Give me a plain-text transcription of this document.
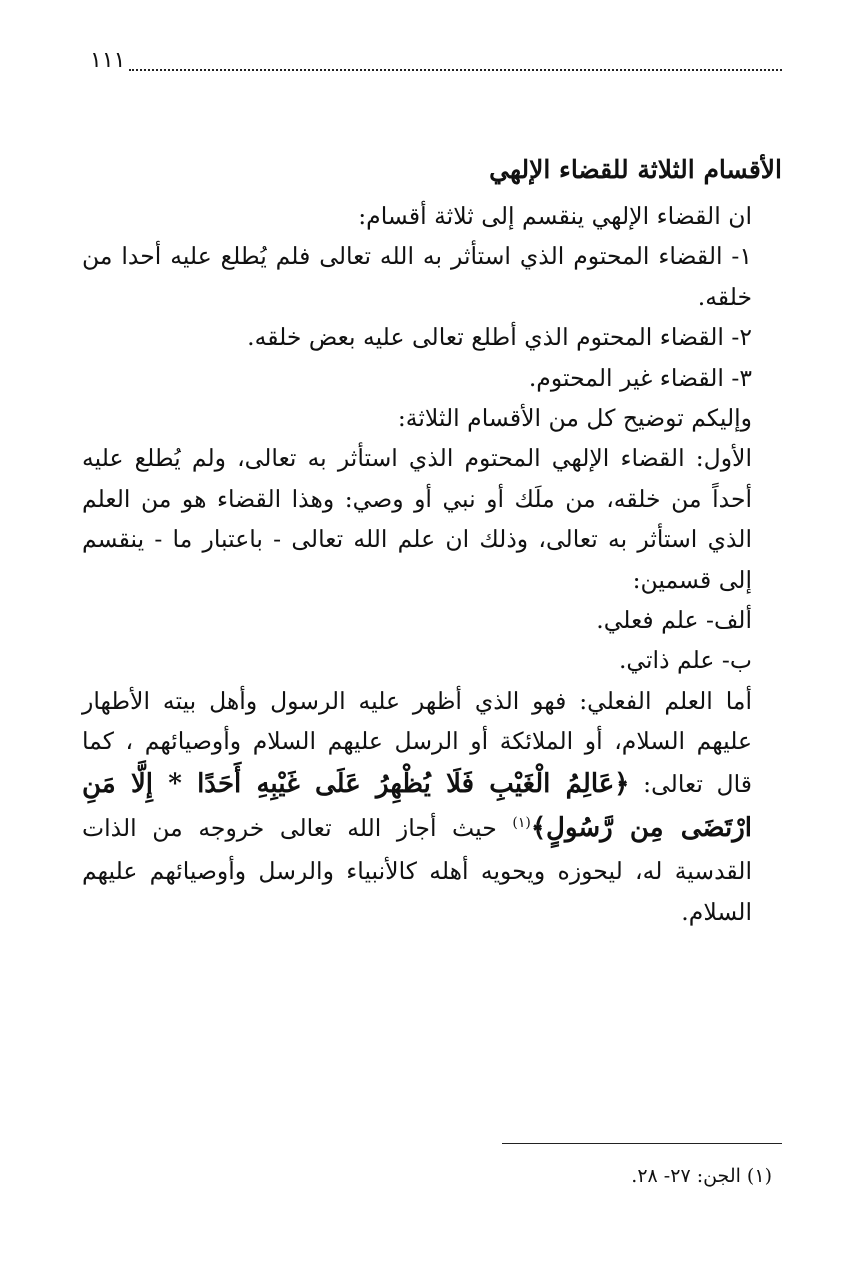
١١١
الأقسام الثلاثة للقضاء الإلهي

ان القضاء الإلهي ينقسم إلى ثلاثة أقسام:

١- القضاء المحتوم الذي استأثر به الله تعالى فلم يُطلع عليه أحدا من خلقه.

٢- القضاء المحتوم الذي أطلع تعالى عليه بعض خلقه.

٣- القضاء غير المحتوم.

وإليكم توضيح كل من الأقسام الثلاثة:

الأول: القضاء الإلهي المحتوم الذي استأثر به تعالى، ولم يُطلع عليه أحداً من خلقه، من ملَك أو نبي أو وصي: وهذا القضاء هو من العلم الذي استأثر به تعالى، وذلك ان علم الله تعالى - باعتبار ما - ينقسم إلى قسمين:

ألف- علم فعلي.

ب- علم ذاتي.

أما العلم الفعلي: فهو الذي أظهر عليه الرسول وأهل بيته الأطهار عليهم السلام، أو الملائكة أو الرسل عليهم السلام وأوصيائهم ، كما قال تعالى: ﴿عَالِمُ الْغَيْبِ فَلَا يُظْهِرُ عَلَى غَيْبِهِ أَحَدًا * إِلَّا مَنِ ارْتَضَى مِن رَّسُولٍ﴾$^{(١)}$ حيث أجاز الله تعالى خروجه من الذات القدسية له، ليحوزه ويحويه أهله كالأنبياء والرسل وأوصيائهم عليهم السلام.

(١) الجن: ٢٧- ٢٨.
